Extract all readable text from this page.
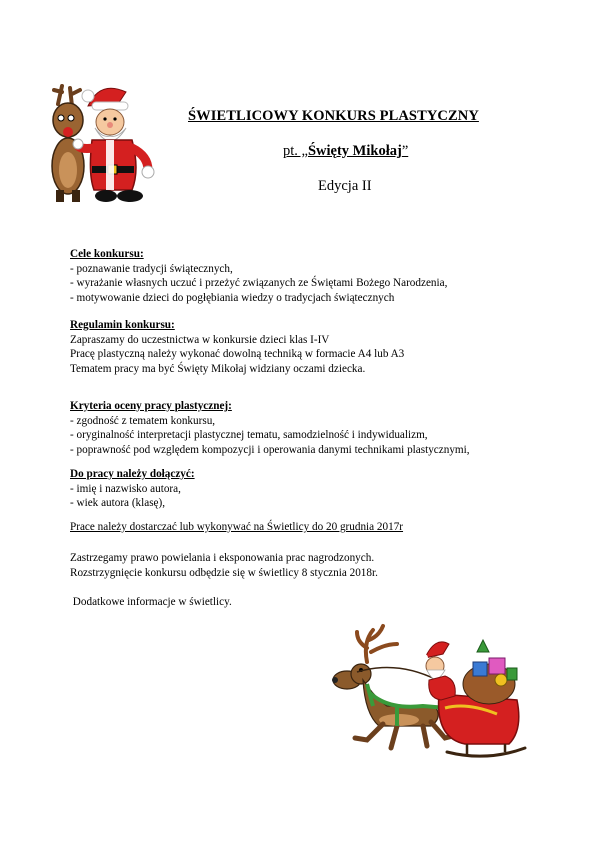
ŚWIETLICOWY KONKURS PLASTYCZNY
pt. „Święty Mikołaj”
Edycja II
Cele konkursu:
- poznawanie tradycji świątecznych,
- wyrażanie własnych uczuć i przeżyć związanych ze Świętami Bożego Narodzenia,
- motywowanie dzieci do pogłębiania wiedzy o tradycjach świątecznych
Regulamin konkursu:
Zapraszamy do uczestnictwa w konkursie dzieci klas I-IV
Pracę plastyczną należy wykonać dowolną techniką w formacie A4 lub A3
Tematem pracy ma być Święty Mikołaj widziany oczami dziecka.
Kryteria oceny pracy plastycznej:
- zgodność z tematem konkursu,
- oryginalność interpretacji plastycznej tematu, samodzielność i indywidualizm,
- poprawność pod względem kompozycji i operowania danymi technikami plastycznymi,
Do pracy należy dołączyć:
- imię i nazwisko autora,
- wiek autora (klasę),
Prace należy dostarczać lub wykonywać na Świetlicy do 20 grudnia 2017r
Zastrzegamy prawo powielania i eksponowania prac nagrodzonych.
Rozstrzygnięcie konkursu odbędzie się w świetlicy 8 stycznia 2018r.
Dodatkowe informacje w świetlicy.
